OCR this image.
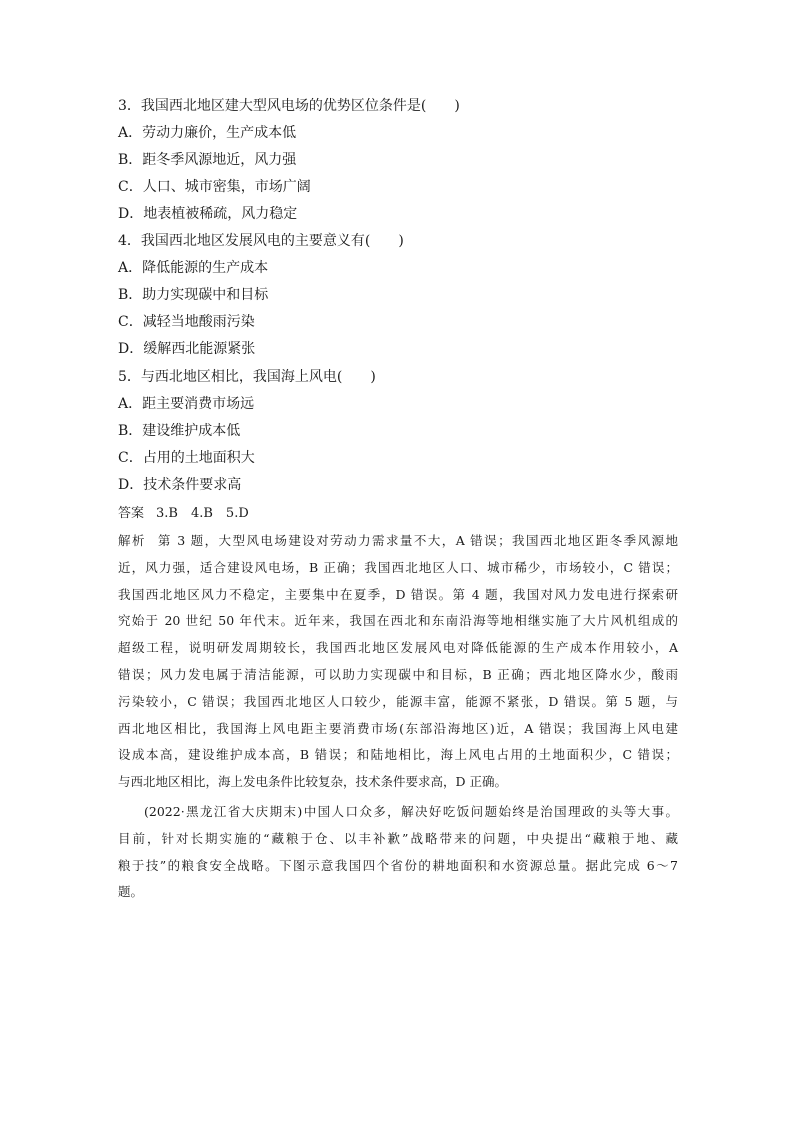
3．我国西北地区建大型风电场的优势区位条件是(　　)
A．劳动力廉价，生产成本低
B．距冬季风源地近，风力强
C．人口、城市密集，市场广阔
D．地表植被稀疏，风力稳定
4．我国西北地区发展风电的主要意义有(　　)
A．降低能源的生产成本
B．助力实现碳中和目标
C．减轻当地酸雨污染
D．缓解西北能源紧张
5．与西北地区相比，我国海上风电(　　)
A．距主要消费市场远
B．建设维护成本低
C．占用的土地面积大
D．技术条件要求高
答案 3.B　4.B　5.D
解析 第 3 题，大型风电场建设对劳动力需求量不大，A 错误；我国西北地区距冬季风源地
近，风力强，适合建设风电场，B 正确；我国西北地区人口、城市稀少，市场较小，C 错误；
我国西北地区风力不稳定，主要集中在夏季，D 错误。第 4 题，我国对风力发电进行探索研
究始于 20 世纪 50 年代末。近年来，我国在西北和东南沿海等地相继实施了大片风机组成的
超级工程，说明研发周期较长，我国西北地区发展风电对降低能源的生产成本作用较小，A
错误；风力发电属于清洁能源，可以助力实现碳中和目标，B 正确；西北地区降水少，酸雨
污染较小，C 错误；我国西北地区人口较少，能源丰富，能源不紧张，D 错误。第 5 题，与
西北地区相比，我国海上风电距主要消费市场(东部沿海地区)近，A 错误；我国海上风电建
设成本高，建设维护成本高，B 错误；和陆地相比，海上风电占用的土地面积少，C 错误；
与西北地区相比，海上发电条件比较复杂，技术条件要求高，D 正确。
(2022·黑龙江省大庆期末)中国人口众多，解决好吃饭问题始终是治国理政的头等大事。
目前，针对长期实施的“藏粮于仓、以丰补歉”战略带来的问题，中央提出“藏粮于地、藏
粮于技”的粮食安全战略。下图示意我国四个省份的耕地面积和水资源总量。据此完成 6～7
题。
